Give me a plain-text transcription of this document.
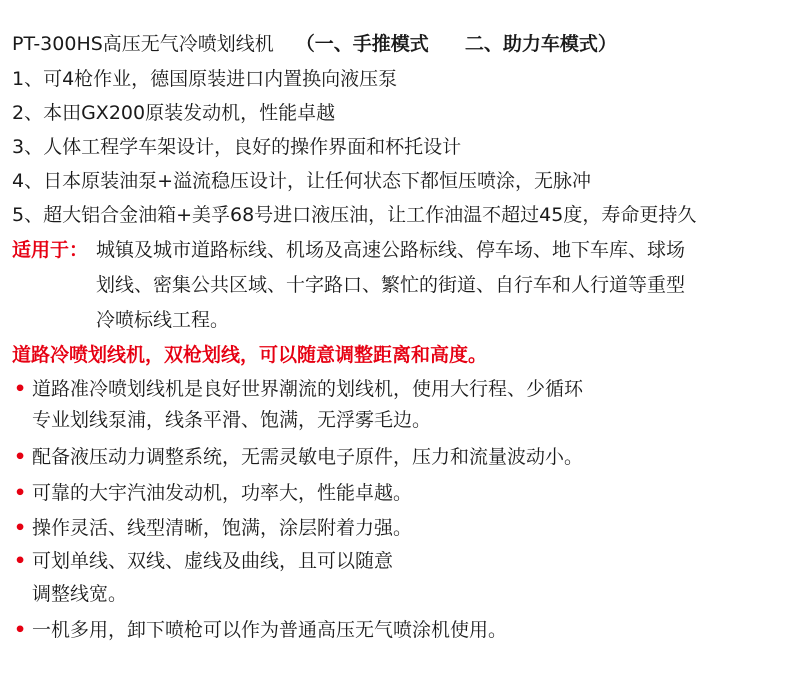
PT-300HS高压无气冷喷划线机 （一、手推模式 二、助力车模式）
1、可4枪作业，德国原装进口内置换向液压泵
2、本田GX200原装发动机，性能卓越
3、人体工程学车架设计，良好的操作界面和杯托设计
4、日本原装油泵+溢流稳压设计，让任何状态下都恒压喷涂，无脉冲
5、超大铝合金油箱+美孚68号进口液压油，让工作油温不超过45度，寿命更持久
适用于： 城镇及城市道路标线、机场及高速公路标线、停车场、地下车库、球场
划线、密集公共区域、十字路口、繁忙的街道、自行车和人行道等重型
冷喷标线工程。
道路冷喷划线机，双枪划线，可以随意调整距离和高度。
• 道路准冷喷划线机是良好世界潮流的划线机，使用大行程、少循环
专业划线泵浦，线条平滑、饱满，无浮雾毛边。
• 配备液压动力调整系统，无需灵敏电子原件，压力和流量波动小。
• 可靠的大宇汽油发动机，功率大，性能卓越。
• 操作灵活、线型清晰，饱满，涂层附着力强。
• 可划单线、双线、虚线及曲线，且可以随意
调整线宽。
• 一机多用，卸下喷枪可以作为普通高压无气喷涂机使用。
